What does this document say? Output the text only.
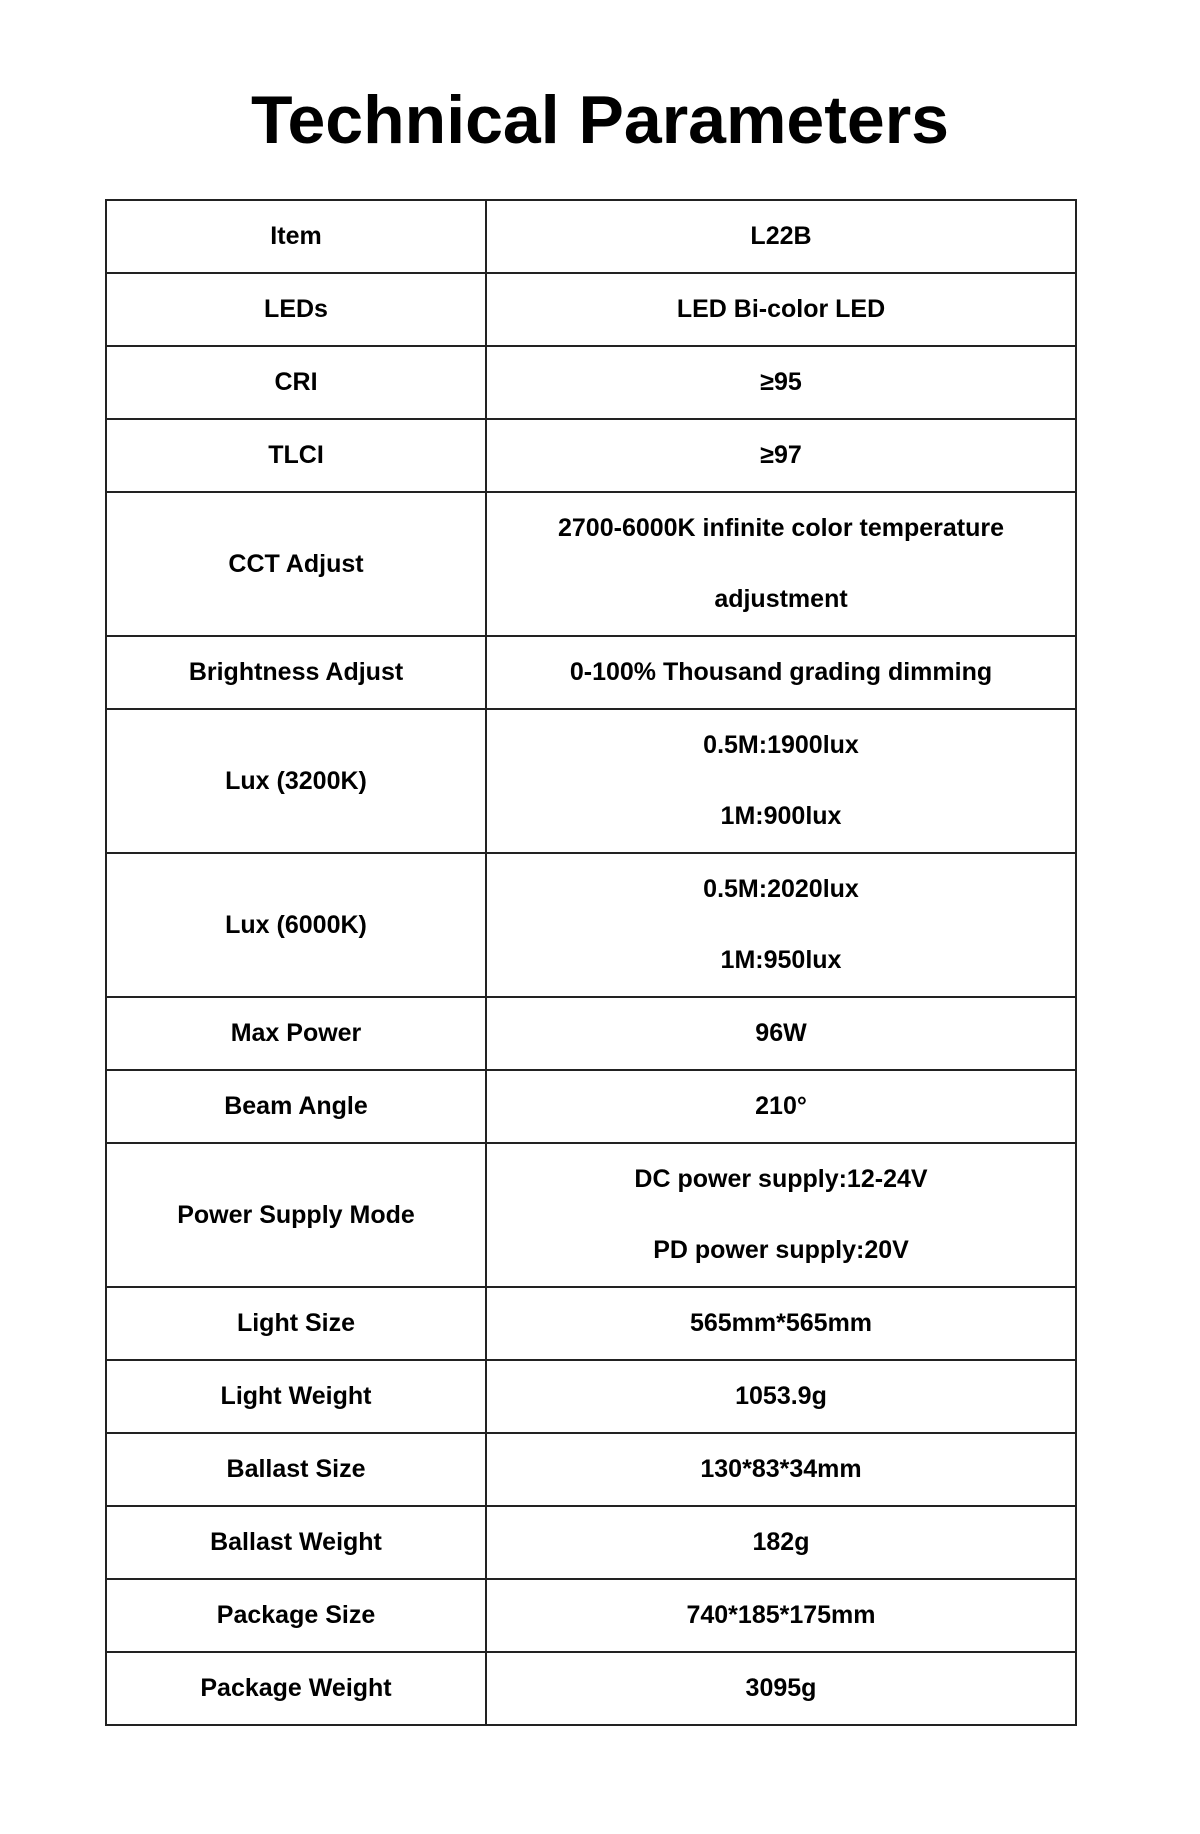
Technical Parameters
Item	L22B
LEDs	LED Bi-color LED

CRI	≥95

TLCI	≥97

CCT Adjust	2700-6000K infinite color temperature
adjustment

Brightness Adjust	0-100% Thousand grading dimming

Lux (3200K)	0.5M:1900lux
1M:900lux

Lux (6000K)	0.5M:2020lux
1M:950lux

Max Power	96W

Beam Angle	210°

Power Supply Mode	DC power supply:12-24V
PD power supply:20V

Light Size	565mm*565mm

Light Weight	1053.9g

Ballast Size	130*83*34mm

Ballast Weight	182g

Package Size	740*185*175mm

Package Weight	3095g
